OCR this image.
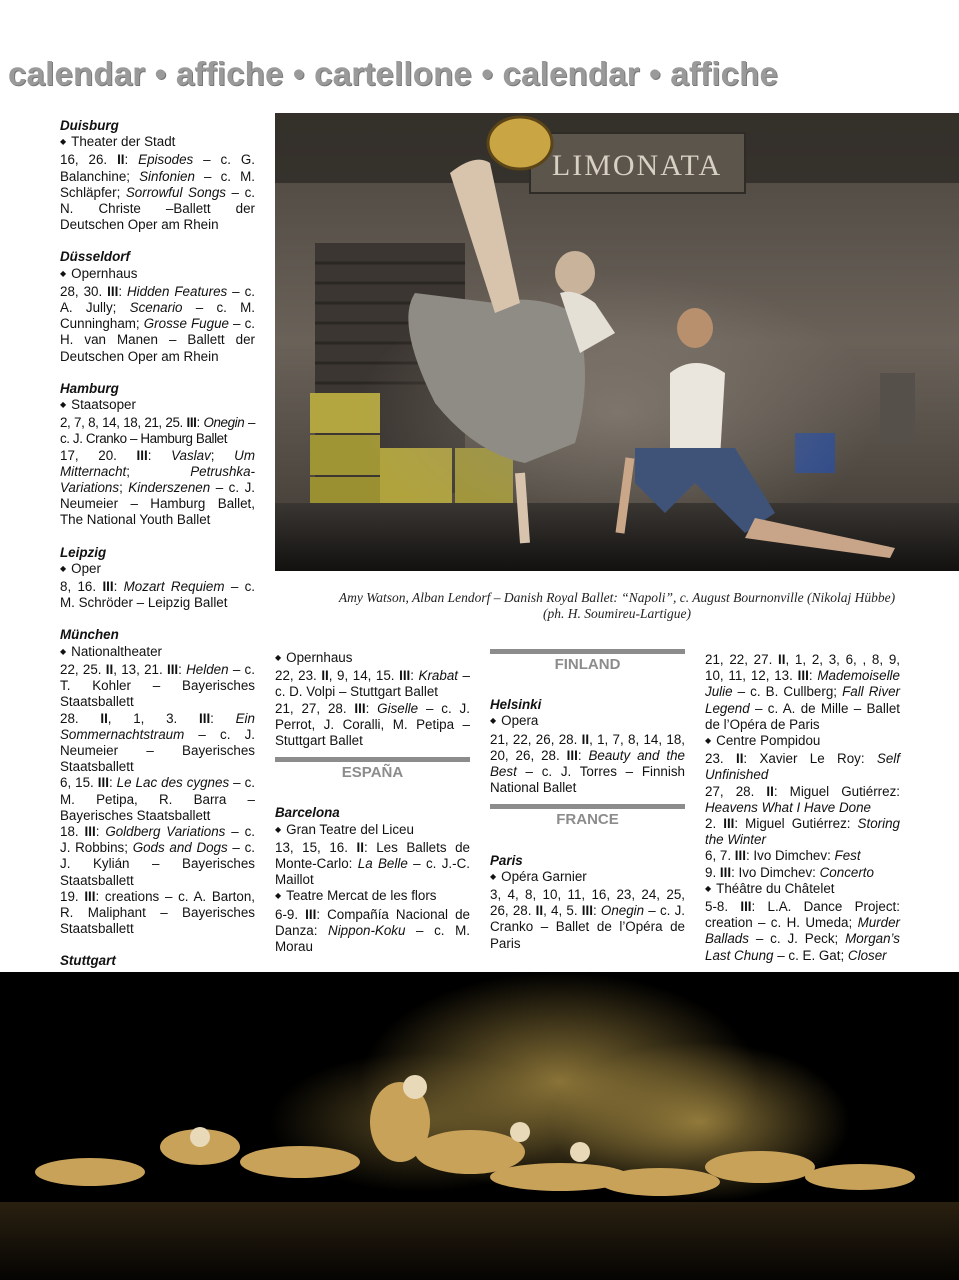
calendar • affiche • cartellone • calendar • affiche
Duisburg
◆ Theater der Stadt
16, 26. II: Episodes – c. G. Balanchine; Sinfonien – c. M. Schläpfer; Sorrowful Songs – c. N. Christe –Ballett der Deutschen Oper am Rhein
Düsseldorf
◆ Opernhaus
28, 30. III: Hidden Features – c. A. Jully; Scenario – c. M. Cunningham; Grosse Fugue – c. H. van Manen – Ballett der Deutschen Oper am Rhein
Hamburg
◆ Staatsoper
2, 7, 8, 14, 18, 21, 25. III: Onegin – c. J. Cranko – Hamburg Ballet
17, 20. III: Vaslav; Um Mitternacht; Petrushka-Variations; Kinderszenen – c. J. Neumeier – Hamburg Ballet, The National Youth Ballet
Leipzig
◆ Oper
8, 16. III: Mozart Requiem – c. M. Schröder – Leipzig Ballet
München
◆ Nationaltheater
22, 25. II, 13, 21. III: Helden – c. T. Kohler – Bayerisches Staatsballett
28. II, 1, 3. III: Ein Sommernachtstraum – c. J. Neumeier – Bayerisches Staatsballett
6, 15. III: Le Lac des cygnes – c. M. Petipa, R. Barra – Bayerisches Staatsballett
18. III: Goldberg Variations – c. J. Robbins; Gods and Dogs – c. J. Kylián – Bayerisches Staatsballett
19. III: creations – c. A. Barton, R. Maliphant – Bayerisches Staatsballett
Stuttgart
LIMONATA
Amy Watson, Alban Lendorf – Danish Royal Ballet: “Napoli”, c. August Bournonville (Nikolaj Hübbe)
(ph. H. Soumireu-Lartigue)
◆ Opernhaus
22, 23. II, 9, 14, 15. III: Krabat – c. D. Volpi – Stuttgart Ballet
21, 27, 28. III: Giselle – c. J. Perrot, J. Coralli, M. Petipa – Stuttgart Ballet
ESPAÑA
Barcelona
◆ Gran Teatre del Liceu
13, 15, 16. II: Les Ballets de Monte-Carlo: La Belle – c. J.-C. Maillot
◆ Teatre Mercat de les flors
6-9. III: Compañía Nacional de Danza: Nippon-Koku – c. M. Morau
FINLAND
Helsinki
◆ Opera
21, 22, 26, 28. II, 1, 7, 8, 14, 18, 20, 26, 28. III: Beauty and the Best – c. J. Torres – Finnish National Ballet
FRANCE
Paris
◆ Opéra Garnier
3, 4, 8, 10, 11, 16, 23, 24, 25, 26, 28. II, 4, 5. III: Onegin – c. J. Cranko – Ballet de l’Opéra de Paris
21, 22, 27. II, 1, 2, 3, 6, , 8, 9, 10, 11, 12, 13. III: Mademoiselle Julie – c. B. Cullberg; Fall River Legend – c. A. de Mille – Ballet de l’Opéra de Paris
◆ Centre Pompidou
23. II: Xavier Le Roy: Self Unfinished
27, 28. II: Miguel Gutiérrez: Heavens What I Have Done
2. III: Miguel Gutiérrez: Storing the Winter
6, 7. III: Ivo Dimchev: Fest
9. III: Ivo Dimchev: Concerto
◆ Théâtre du Châtelet
5-8. III: L.A. Dance Project: creation – c. H. Umeda; Murder Ballads – c. J. Peck; Morgan’s Last Chung – c. E. Gat; Closer
